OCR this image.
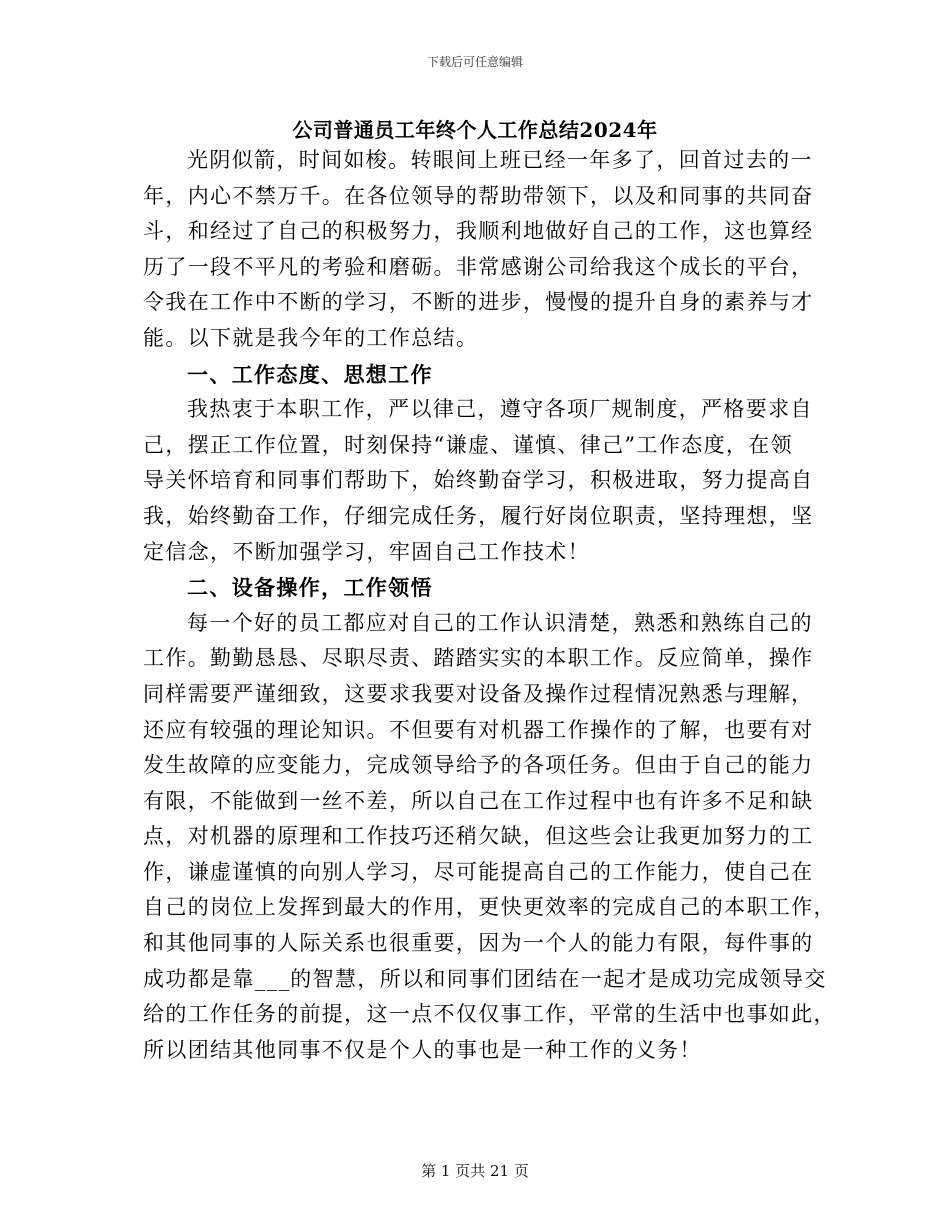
下载后可任意编辑
公司普通员工年终个人工作总结2024年
光阴似箭，时间如梭。转眼间上班已经一年多了，回首过去的一
年，内心不禁万千。在各位领导的帮助带领下，以及和同事的共同奋
斗，和经过了自己的积极努力，我顺利地做好自己的工作，这也算经
历了一段不平凡的考验和磨砺。非常感谢公司给我这个成长的平台，
令我在工作中不断的学习，不断的进步，慢慢的提升自身的素养与才
能。以下就是我今年的工作总结。
一、工作态度、思想工作
我热衷于本职工作，严以律己，遵守各项厂规制度，严格要求自
己，摆正工作位置，时刻保持“谦虚、谨慎、律己”工作态度，在领
导关怀培育和同事们帮助下，始终勤奋学习，积极进取，努力提高自
我，始终勤奋工作，仔细完成任务，履行好岗位职责，坚持理想，坚
定信念，不断加强学习，牢固自己工作技术！
二、设备操作，工作领悟
每一个好的员工都应对自己的工作认识清楚，熟悉和熟练自己的
工作。勤勤恳恳、尽职尽责、踏踏实实的本职工作。反应简单，操作
同样需要严谨细致，这要求我要对设备及操作过程情况熟悉与理解，
还应有较强的理论知识。不但要有对机器工作操作的了解，也要有对
发生故障的应变能力，完成领导给予的各项任务。但由于自己的能力
有限，不能做到一丝不差，所以自己在工作过程中也有许多不足和缺
点，对机器的原理和工作技巧还稍欠缺，但这些会让我更加努力的工
作，谦虚谨慎的向别人学习，尽可能提高自己的工作能力，使自己在
自己的岗位上发挥到最大的作用，更快更效率的完成自己的本职工作，
和其他同事的人际关系也很重要，因为一个人的能力有限，每件事的
成功都是靠___的智慧，所以和同事们团结在一起才是成功完成领导交
给的工作任务的前提，这一点不仅仅事工作，平常的生活中也事如此，
所以团结其他同事不仅是个人的事也是一种工作的义务！
第 1 页共 21 页
